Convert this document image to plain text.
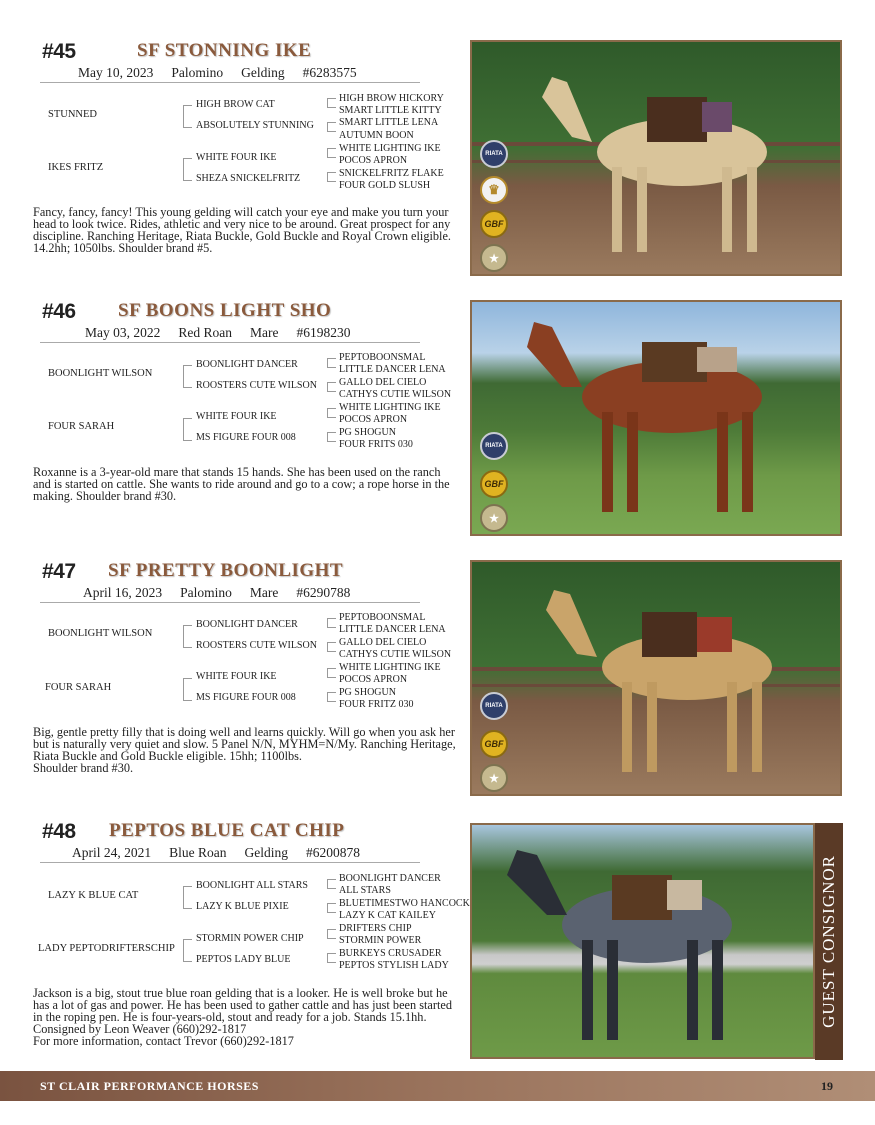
#45	SF STONNING IKE
May 10, 2023 Palomino Gelding #6283575
STUNNED
IKES FRITZ
HIGH BROW CAT
ABSOLUTELY STUNNING
WHITE FOUR IKE
SHEZA SNICKELFRITZ
HIGH BROW HICKORY
SMART LITTLE KITTY
SMART LITTLE LENA
AUTUMN BOON
WHITE LIGHTING IKE
POCOS APRON
SNICKELFRITZ FLAKE
FOUR GOLD SLUSH

Fancy, fancy, fancy! This young gelding will catch your eye and make you turn your head to look twice. Rides, athletic and very nice to be around. Great prospect for any discipline. Ranching Heritage, Riata Buckle, Gold Buckle and Royal Crown eligible. 14.2hh; 1050lbs. Shoulder brand #5.

RIATA
♛
GBF
★
#46 SF BOONS LIGHT SHO
May 03, 2022 Red Roan Mare #6198230
BOONLIGHT WILSON
FOUR SARAH
BOONLIGHT DANCER
ROOSTERS CUTE WILSON
WHITE FOUR IKE
MS FIGURE FOUR 008
PEPTOBOONSMAL
LITTLE DANCER LENA
GALLO DEL CIELO
CATHYS CUTIE WILSON
WHITE LIGHTING IKE
POCOS APRON
PG SHOGUN
FOUR FRITS 030

Roxanne is a 3-year-old mare that stands 15 hands. She has been used on the ranch and is started on cattle. She wants to ride around and go to a cow; a rope horse in the making. Shoulder brand #30.

RIATA
GBF
★
#47 SF PRETTY BOONLIGHT
April 16, 2023 Palomino Mare #6290788
BOONLIGHT WILSON
FOUR SARAH
BOONLIGHT DANCER
ROOSTERS CUTE WILSON
WHITE FOUR IKE
MS FIGURE FOUR 008
PEPTOBOONSMAL
LITTLE DANCER LENA
GALLO DEL CIELO
CATHYS CUTIE WILSON
WHITE LIGHTING IKE
POCOS APRON
PG SHOGUN
FOUR FRITZ 030

Big, gentle pretty filly that is doing well and learns quickly. Will go when you ask her but is naturally very quiet and slow. 5 Panel N/N, MYHM=N/My. Ranching Heritage, Riata Buckle and Gold Buckle eligible. 15hh; 1100lbs.

Shoulder brand #30.

RIATA
GBF
★
#48 PEPTOS BLUE CAT CHIP
April 24, 2021 Blue Roan Gelding #6200878
LAZY K BLUE CAT
LADY PEPTODRIFTERSCHIP
BOONLIGHT ALL STARS
LAZY K BLUE PIXIE
STORMIN POWER CHIP
PEPTOS LADY BLUE
BOONLIGHT DANCER
ALL STARS
BLUETIMESTWO HANCOCK
LAZY K CAT KAILEY
DRIFTERS CHIP
STORMIN POWER
BURKEYS CRUSADER
PEPTOS STYLISH LADY

Jackson is a big, stout true blue roan gelding that is a looker. He is well broke but he has a lot of gas and power. He has been used to gather cattle and has just been started in the roping pen. He is four-years-old, stout and ready for a job. Stands 15.1hh.

Consigned by Leon Weaver (660)292-1817

For more information, contact Trevor (660)292-1817

GUEST CONSIGNOR
ST CLAIR PERFORMANCE HORSES	19
